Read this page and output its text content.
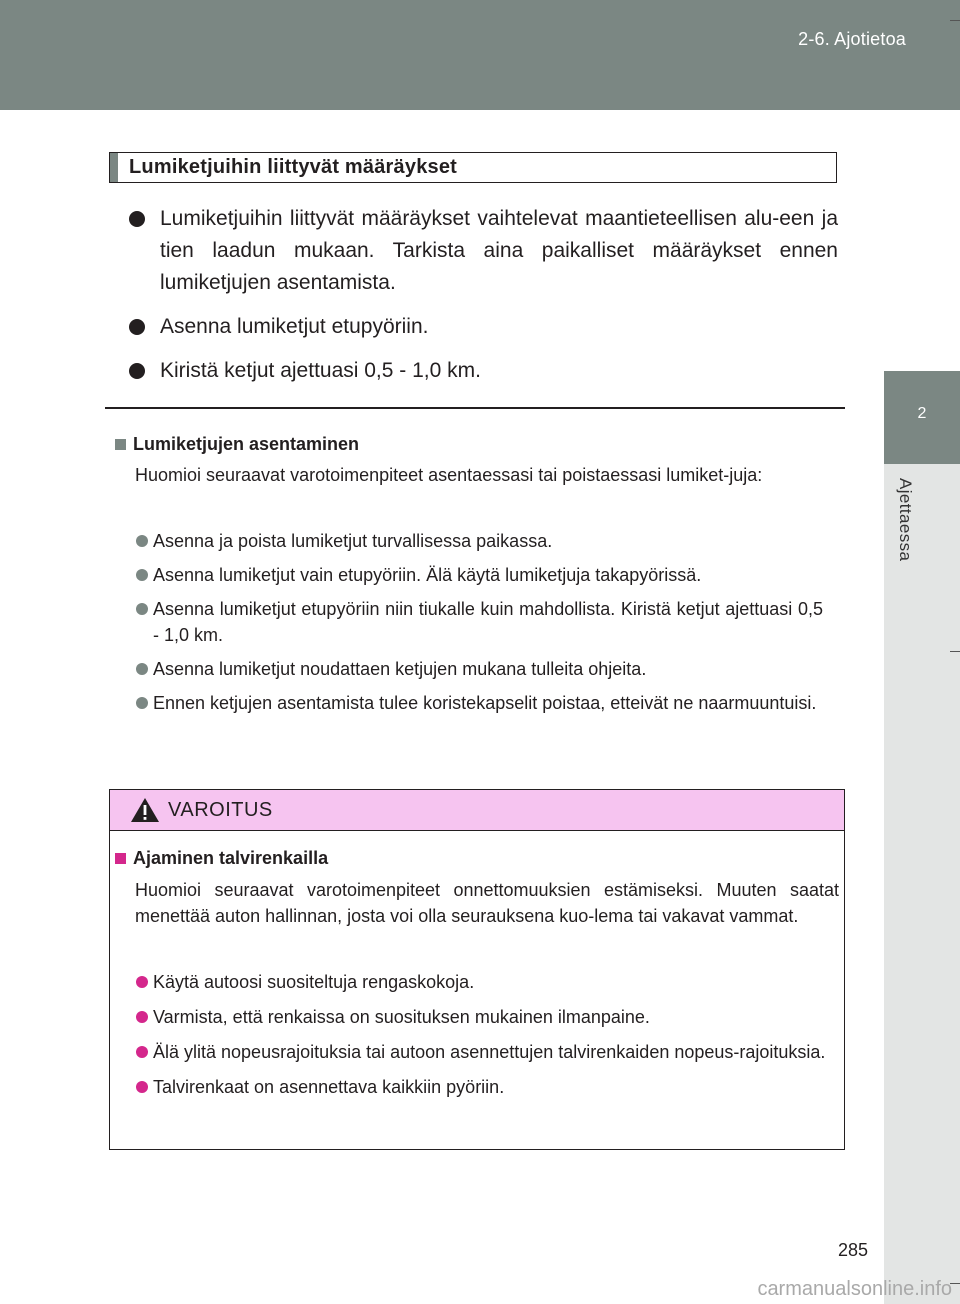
2-6. Ajotietoa
2
Ajettaessa
Lumiketjuihin liittyvät määräykset
Lumiketjuihin liittyvät määräykset vaihtelevat maantieteellisen alu-een ja tien laadun mukaan. Tarkista aina paikalliset määräykset ennen lumiketjujen asentamista.
Asenna lumiketjut etupyöriin.
Kiristä ketjut ajettuasi 0,5 - 1,0 km.
Lumiketjujen asentaminen
Huomioi seuraavat varotoimenpiteet asentaessasi tai poistaessasi lumiket-juja:
Asenna ja poista lumiketjut turvallisessa paikassa.
Asenna lumiketjut vain etupyöriin. Älä käytä lumiketjuja takapyörissä.
Asenna lumiketjut etupyöriin niin tiukalle kuin mahdollista. Kiristä ketjut ajettuasi 0,5 - 1,0 km.
Asenna lumiketjut noudattaen ketjujen mukana tulleita ohjeita.
Ennen ketjujen asentamista tulee koristekapselit poistaa, etteivät ne naarmuuntuisi.
VAROITUS
Ajaminen talvirenkailla
Huomioi seuraavat varotoimenpiteet onnettomuuksien estämiseksi. Muuten saatat menettää auton hallinnan, josta voi olla seurauksena kuo-lema tai vakavat vammat.
Käytä autoosi suositeltuja rengaskokoja.
Varmista, että renkaissa on suosituksen mukainen ilmanpaine.
Älä ylitä nopeusrajoituksia tai autoon asennettujen talvirenkaiden nopeus-rajoituksia.
Talvirenkaat on asennettava kaikkiin pyöriin.
285
carmanualsonline.info
